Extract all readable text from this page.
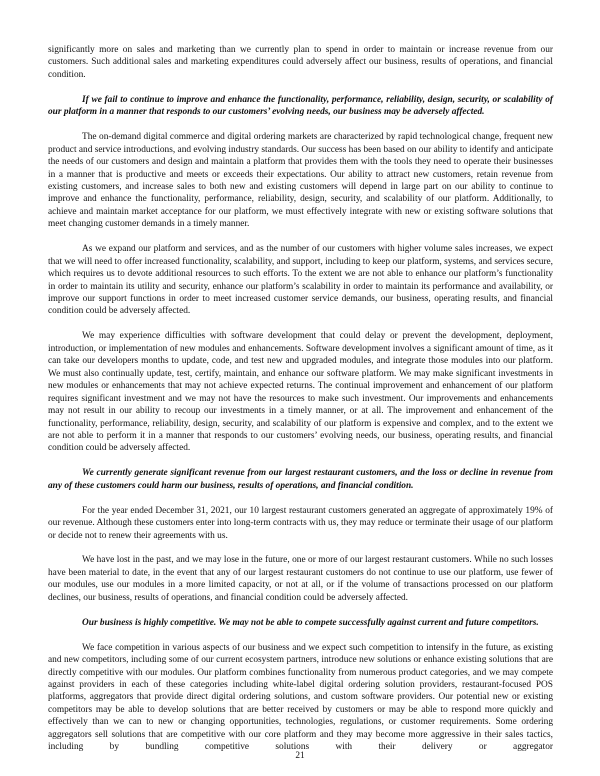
significantly more on sales and marketing than we currently plan to spend in order to maintain or increase revenue from our customers. Such additional sales and marketing expenditures could adversely affect our business, results of operations, and financial condition.

If we fail to continue to improve and enhance the functionality, performance, reliability, design, security, or scalability of our platform in a manner that responds to our customers’ evolving needs, our business may be adversely affected.

The on-demand digital commerce and digital ordering markets are characterized by rapid technological change, frequent new product and service introductions, and evolving industry standards. Our success has been based on our ability to identify and anticipate the needs of our customers and design and maintain a platform that provides them with the tools they need to operate their businesses in a manner that is productive and meets or exceeds their expectations. Our ability to attract new customers, retain revenue from existing customers, and increase sales to both new and existing customers will depend in large part on our ability to continue to improve and enhance the functionality, performance, reliability, design, security, and scalability of our platform. Additionally, to achieve and maintain market acceptance for our platform, we must effectively integrate with new or existing software solutions that meet changing customer demands in a timely manner.

As we expand our platform and services, and as the number of our customers with higher volume sales increases, we expect that we will need to offer increased functionality, scalability, and support, including to keep our platform, systems, and services secure, which requires us to devote additional resources to such efforts. To the extent we are not able to enhance our platform’s functionality in order to maintain its utility and security, enhance our platform’s scalability in order to maintain its performance and availability, or improve our support functions in order to meet increased customer service demands, our business, operating results, and financial condition could be adversely affected.

We may experience difficulties with software development that could delay or prevent the development, deployment, introduction, or implementation of new modules and enhancements. Software development involves a significant amount of time, as it can take our developers months to update, code, and test new and upgraded modules, and integrate those modules into our platform. We must also continually update, test, certify, maintain, and enhance our software platform. We may make significant investments in new modules or enhancements that may not achieve expected returns. The continual improvement and enhancement of our platform requires significant investment and we may not have the resources to make such investment. Our improvements and enhancements may not result in our ability to recoup our investments in a timely manner, or at all. The improvement and enhancement of the functionality, performance, reliability, design, security, and scalability of our platform is expensive and complex, and to the extent we are not able to perform it in a manner that responds to our customers’ evolving needs, our business, operating results, and financial condition could be adversely affected.

We currently generate significant revenue from our largest restaurant customers, and the loss or decline in revenue from any of these customers could harm our business, results of operations, and financial condition.

For the year ended December 31, 2021, our 10 largest restaurant customers generated an aggregate of approximately 19% of our revenue. Although these customers enter into long-term contracts with us, they may reduce or terminate their usage of our platform or decide not to renew their agreements with us.

We have lost in the past, and we may lose in the future, one or more of our largest restaurant customers. While no such losses have been material to date, in the event that any of our largest restaurant customers do not continue to use our platform, use fewer of our modules, use our modules in a more limited capacity, or not at all, or if the volume of transactions processed on our platform declines, our business, results of operations, and financial condition could be adversely affected.

Our business is highly competitive. We may not be able to compete successfully against current and future competitors.

We face competition in various aspects of our business and we expect such competition to intensify in the future, as existing and new competitors, including some of our current ecosystem partners, introduce new solutions or enhance existing solutions that are directly competitive with our modules. Our platform combines functionality from numerous product categories, and we may compete against providers in each of these categories including white-label digital ordering solution providers, restaurant-focused POS platforms, aggregators that provide direct digital ordering solutions, and custom software providers. Our potential new or existing competitors may be able to develop solutions that are better received by customers or may be able to respond more quickly and effectively than we can to new or changing opportunities, technologies, regulations, or customer requirements. Some ordering aggregators sell solutions that are competitive with our core platform and they may become more aggressive in their sales tactics, including by bundling competitive solutions with their delivery or aggregator

21
